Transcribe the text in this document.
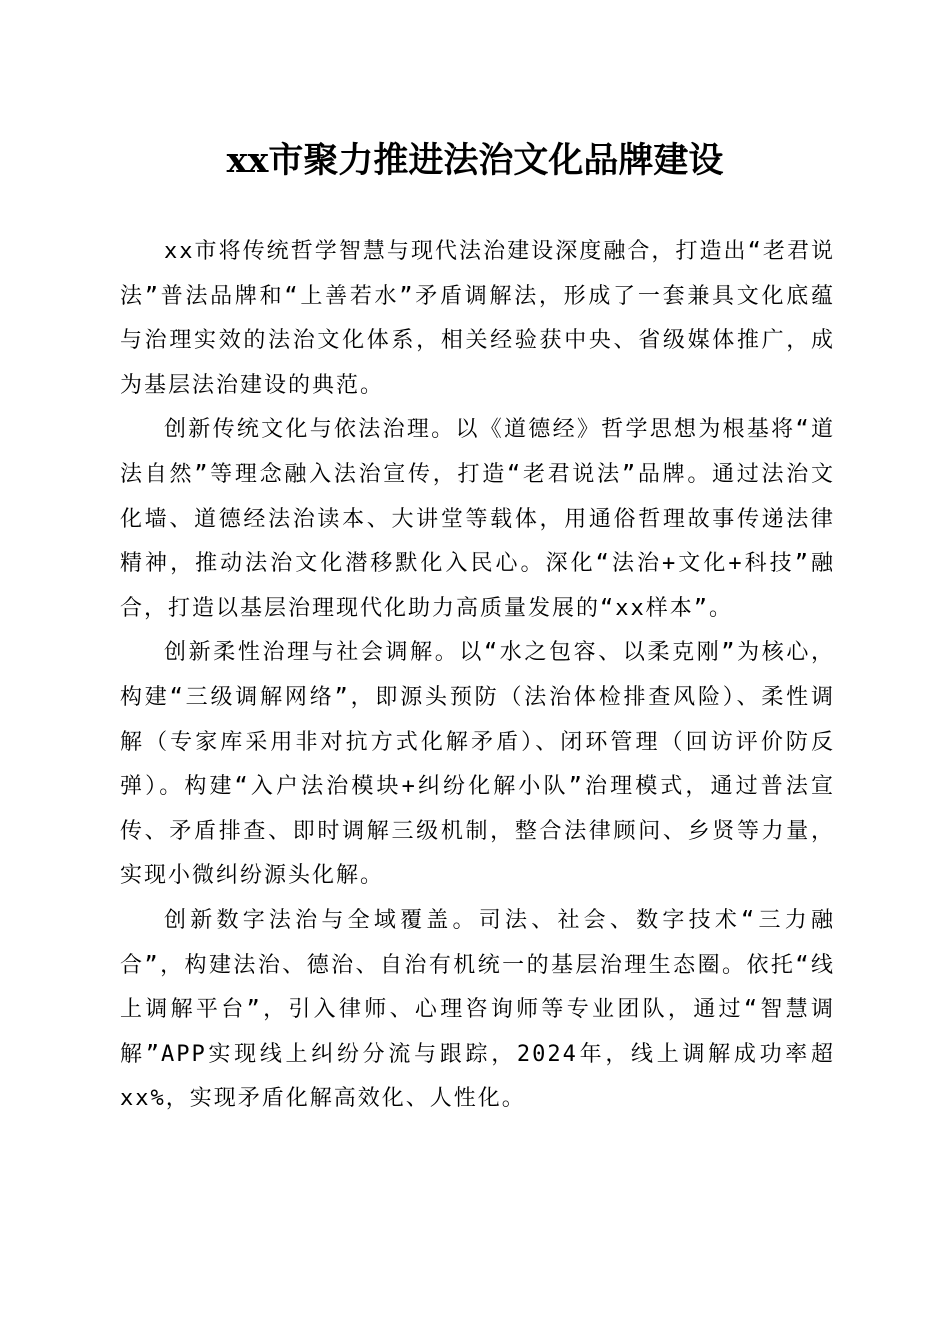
xx市聚力推进法治文化品牌建设

xx市将传统哲学智慧与现代法治建设深度融合，打造出“老君说法”普法品牌和“上善若水”矛盾调解法，形成了一套兼具文化底蕴与治理实效的法治文化体系，相关经验获中央、省级媒体推广，成为基层法治建设的典范。

创新传统文化与依法治理。以《道德经》哲学思想为根基将“道法自然”等理念融入法治宣传，打造“老君说法”品牌。通过法治文化墙、道德经法治读本、大讲堂等载体，用通俗哲理故事传递法律精神，推动法治文化潜移默化入民心。深化“法治+文化+科技”融合，打造以基层治理现代化助力高质量发展的“xx样本”。

创新柔性治理与社会调解。以“水之包容、以柔克刚”为核心，构建“三级调解网络”，即源头预防（法治体检排查风险）、柔性调解（专家库采用非对抗方式化解矛盾）、闭环管理（回访评价防反弹）。构建“入户法治模块+纠纷化解小队”治理模式，通过普法宣传、矛盾排查、即时调解三级机制，整合法律顾问、乡贤等力量，实现小微纠纷源头化解。

创新数字法治与全域覆盖。司法、社会、数字技术“三力融合”，构建法治、德治、自治有机统一的基层治理生态圈。依托“线上调解平台”，引入律师、心理咨询师等专业团队，通过“智慧调解”APP实现线上纠纷分流与跟踪，2024年，线上调解成功率超xx%，实现矛盾化解高效化、人性化。
